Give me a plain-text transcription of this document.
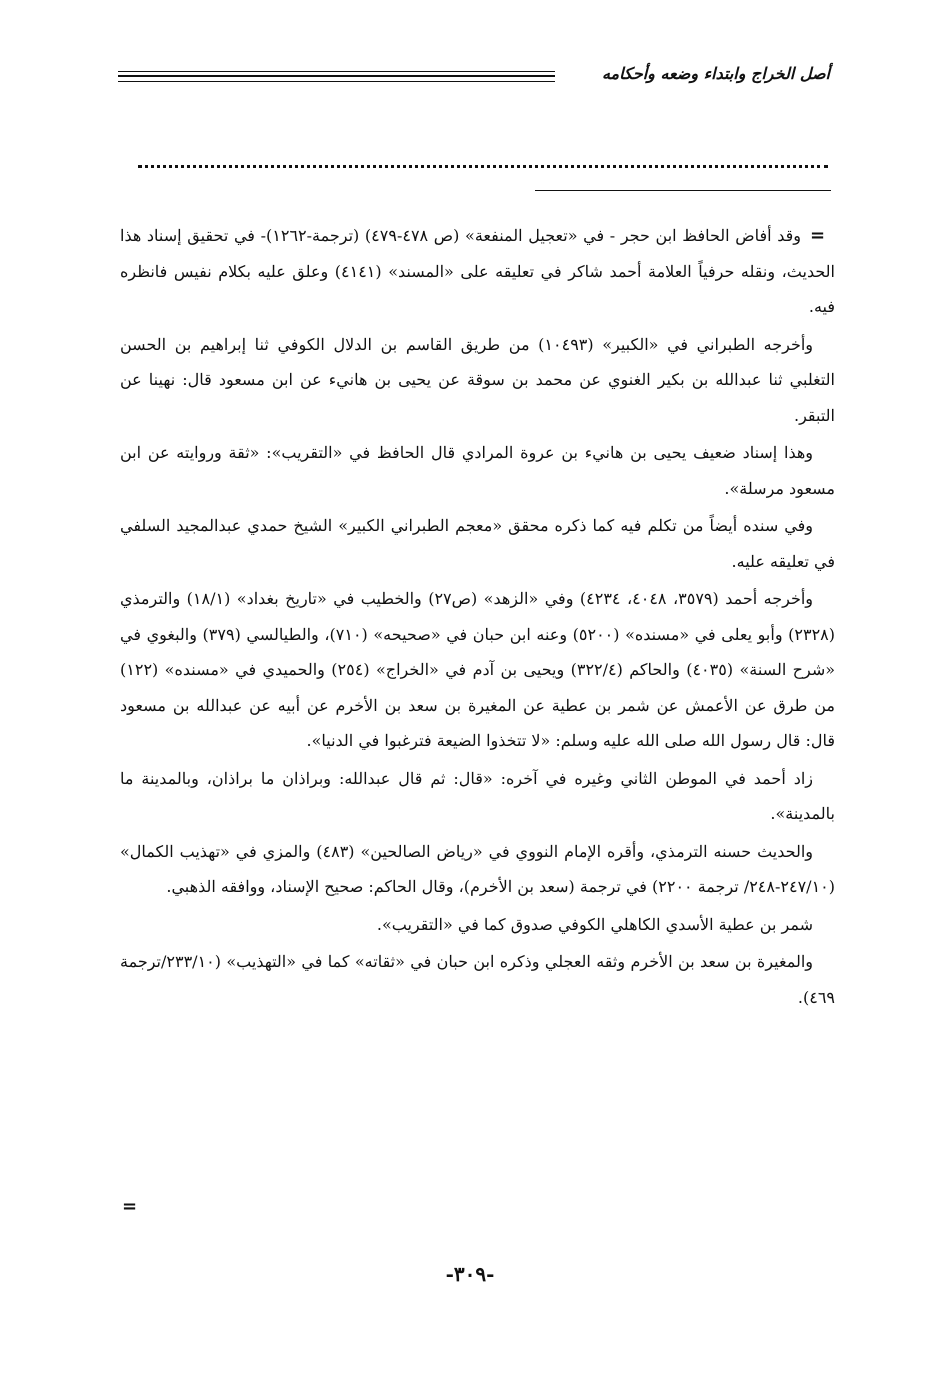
أصل الخراج وابتداء وضعه وأحكامه
=

وقد أفاض الحافظ ابن حجر - في «تعجيل المنفعة» (ص ٤٧٨-٤٧٩) (ترجمة-١٢٦٢)- في تحقيق إسناد هذا الحديث، ونقله حرفياً العلامة أحمد شاكر في تعليقه على «المسند» (٤١٤١) وعلق عليه بكلام نفيس فانظره فيه.

وأخرجه الطبراني في «الكبير» (١٠٤٩٣) من طريق القاسم بن الدلال الكوفي ثنا إبراهيم بن الحسن التغلبي ثنا عبدالله بن بكير الغنوي عن محمد بن سوقة عن يحيى بن هانيء عن ابن مسعود قال: نهينا عن التبقر.

وهذا إسناد ضعيف يحيى بن هانيء بن عروة المرادي قال الحافظ في «التقريب»: «ثقة وروايته عن ابن مسعود مرسلة».

وفي سنده أيضاً من تكلم فيه كما ذكره محقق «معجم الطبراني الكبير» الشيخ حمدي عبدالمجيد السلفي في تعليقه عليه.

وأخرجه أحمد (٣٥٧٩، ٤٠٤٨، ٤٢٣٤) وفي «الزهد» (ص٢٧) والخطيب في «تاريخ بغداد» (١٨/١) والترمذي (٢٣٢٨) وأبو يعلى في «مسنده» (٥٢٠٠) وعنه ابن حبان في «صحيحه» (٧١٠)، والطيالسي (٣٧٩) والبغوي في «شرح السنة» (٤٠٣٥) والحاكم (٣٢٢/٤) ويحيى بن آدم في «الخراج» (٢٥٤) والحميدي في «مسنده» (١٢٢) من طرق عن الأعمش عن شمر بن عطية عن المغيرة بن سعد بن الأخرم عن أبيه عن عبدالله بن مسعود قال: قال رسول الله صلى الله عليه وسلم: «لا تتخذوا الضيعة فترغبوا في الدنيا».

زاد أحمد في الموطن الثاني وغيره في آخره: «قال: ثم قال عبدالله: وبراذان ما براذان، وبالمدينة ما بالمدينة».

والحديث حسنه الترمذي، وأقره الإمام النووي في «رياض الصالحين» (٤٨٣) والمزي في «تهذيب الكمال» (٢٤٧/١٠-٢٤٨/ ترجمة ٢٢٠٠) في ترجمة (سعد بن الأخرم)، وقال الحاكم: صحيح الإسناد، ووافقه الذهبي.

شمر بن عطية الأسدي الكاهلي الكوفي صدوق كما في «التقريب».

والمغيرة بن سعد بن الأخرم وثقه العجلي وذكره ابن حبان في «ثقاته» كما في «التهذيب» (٢٣٣/١٠/ترجمة ٤٦٩).

=
-٣٠٩-
